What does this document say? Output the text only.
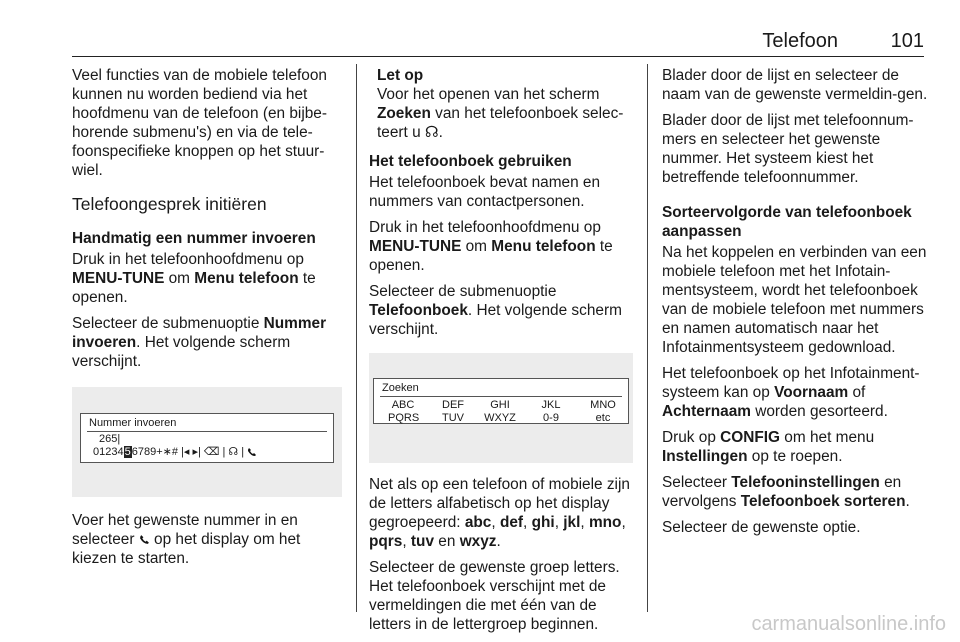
Telefoon	101

Veel functies van de mobiele telefoon kunnen nu worden bediend via het hoofdmenu van de telefoon (en bijbe-horende submenu's) en via de tele-foonspecifieke knoppen op het stuur-wiel.

Telefoongesprek initiëren
Handmatig een nummer invoeren

Druk in het telefoonhoofdmenu op
MENU-TUNE om Menu telefoon te openen.

Selecteer de submenuoptie Nummer invoeren. Het volgende scherm verschijnt.

Nummer invoeren
265|
0123456789+∗# |◂ ▸| ⌫ | ☊ |

Voer het gewenste nummer in en selecteer  op het display om het kiezen te starten.

Let op
Voor het openen van het scherm Zoeken van het telefoonboek selec-teert u ☊.
Het telefoonboek gebruiken

Het telefoonboek bevat namen en nummers van contactpersonen.

Druk in het telefoonhoofdmenu op
MENU-TUNE om Menu telefoon te openen.

Selecteer de submenuoptie
Telefoonboek. Het volgende scherm verschijnt.

Zoeken
ABC
PQRS
DEF
TUV
GHI
WXYZ
JKL
0-9
MNO
etc

Net als op een telefoon of mobiele zijn de letters alfabetisch op het display gegroepeerd: abc, def, ghi, jkl, mno, pqrs, tuv en wxyz.

Selecteer de gewenste groep letters. Het telefoonboek verschijnt met de vermeldingen die met één van de letters in de lettergroep beginnen.

Blader door de lijst en selecteer de naam van de gewenste vermeldin-gen.

Blader door de lijst met telefoonnum-mers en selecteer het gewenste nummer. Het systeem kiest het betreffende telefoonnummer.

Sorteervolgorde van telefoonboek aanpassen

Na het koppelen en verbinden van een mobiele telefoon met het Infotain-mentsysteem, wordt het telefoonboek van de mobiele telefoon met nummers en namen automatisch naar het Infotainmentsysteem gedownload.

Het telefoonboek op het Infotainment-systeem kan op Voornaam of Achternaam worden gesorteerd.

Druk op CONFIG om het menu Instellingen op te roepen.

Selecteer Telefooninstellingen en vervolgens Telefoonboek sorteren.

Selecteer de gewenste optie.

carmanualsonline.info
